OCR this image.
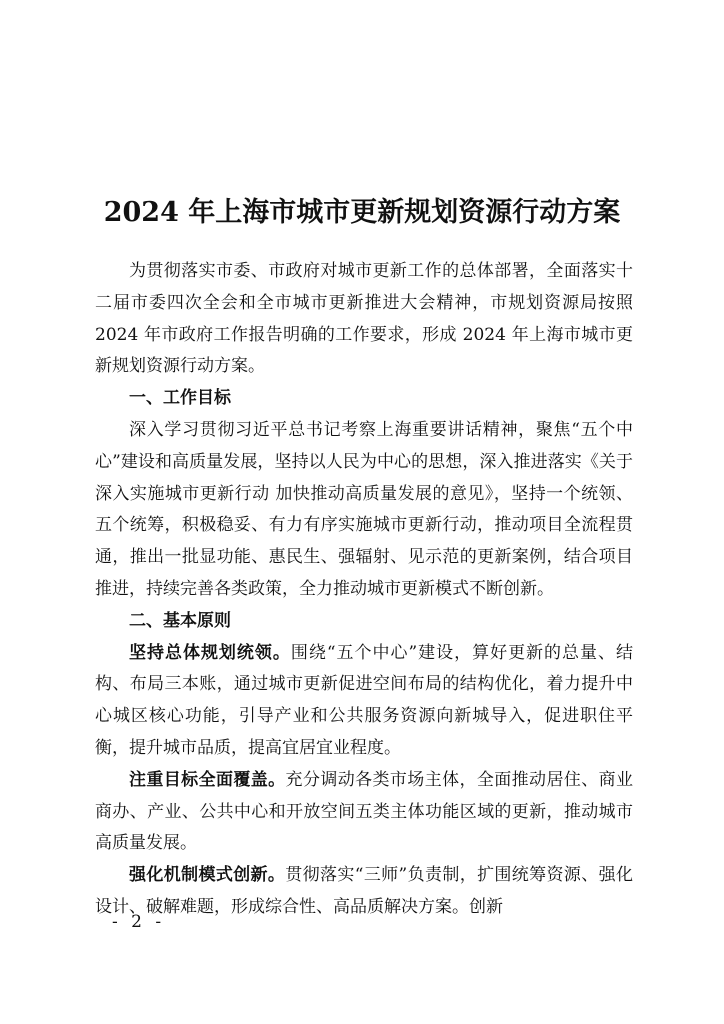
2024 年上海市城市更新规划资源行动方案

为贯彻落实市委、市政府对城市更新工作的总体部署，全面落实十二届市委四次全会和全市城市更新推进大会精神，市规划资源局按照 2024 年市政府工作报告明确的工作要求，形成 2024 年上海市城市更新规划资源行动方案。

一、工作目标

深入学习贯彻习近平总书记考察上海重要讲话精神，聚焦“五个中心”建设和高质量发展，坚持以人民为中心的思想，深入推进落实《关于深入实施城市更新行动 加快推动高质量发展的意见》，坚持一个统领、五个统筹，积极稳妥、有力有序实施城市更新行动，推动项目全流程贯通，推出一批显功能、惠民生、强辐射、见示范的更新案例，结合项目推进，持续完善各类政策，全力推动城市更新模式不断创新。

二、基本原则

坚持总体规划统领。围绕“五个中心”建设，算好更新的总量、结构、布局三本账，通过城市更新促进空间布局的结构优化，着力提升中心城区核心功能，引导产业和公共服务资源向新城导入，促进职住平衡，提升城市品质，提高宜居宜业程度。

注重目标全面覆盖。充分调动各类市场主体，全面推动居住、商业商办、产业、公共中心和开放空间五类主体功能区域的更新，推动城市高质量发展。

强化机制模式创新。贯彻落实“三师”负责制，扩围统筹资源、强化设计、破解难题，形成综合性、高品质解决方案。创新

- 2 -
